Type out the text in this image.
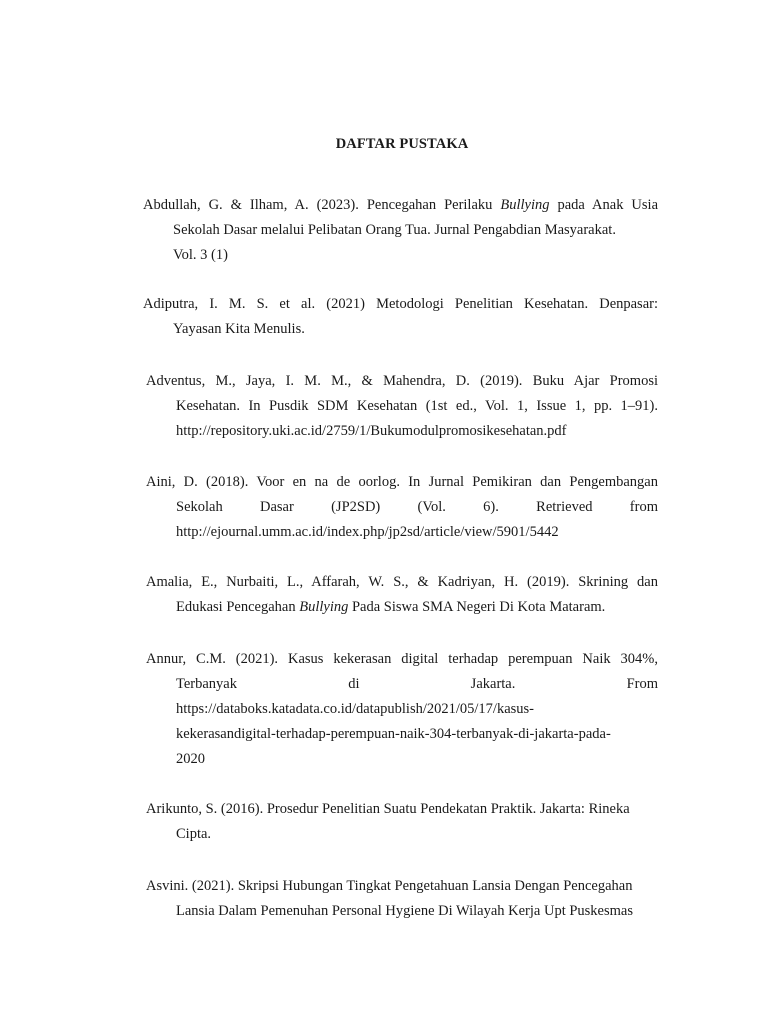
DAFTAR PUSTAKA
Abdullah, G. & Ilham, A. (2023). Pencegahan Perilaku Bullying pada Anak Usia
Sekolah Dasar melalui Pelibatan Orang Tua. Jurnal Pengabdian Masyarakat.
Vol. 3 (1)
Adiputra, I. M. S. et al. (2021) Metodologi Penelitian Kesehatan. Denpasar:
Yayasan Kita Menulis.
Adventus, M., Jaya, I. M. M., & Mahendra, D. (2019). Buku Ajar Promosi
Kesehatan. In Pusdik SDM Kesehatan (1st ed., Vol. 1, Issue 1, pp. 1–91).
http://repository.uki.ac.id/2759/1/Bukumodulpromosikesehatan.pdf
Aini, D. (2018). Voor en na de oorlog. In Jurnal Pemikiran dan Pengembangan
Sekolah Dasar (JP2SD) (Vol. 6). Retrieved from
http://ejournal.umm.ac.id/index.php/jp2sd/article/view/5901/5442
Amalia, E., Nurbaiti, L., Affarah, W. S., & Kadriyan, H. (2019). Skrining dan
Edukasi Pencegahan Bullying Pada Siswa SMA Negeri Di Kota Mataram.
Annur, C.M. (2021). Kasus kekerasan digital terhadap perempuan Naik 304%,
Terbanyak di Jakarta. From
https://databoks.katadata.co.id/datapublish/2021/05/17/kasus-
kekerasandigital-terhadap-perempuan-naik-304-terbanyak-di-jakarta-pada-
2020
Arikunto, S. (2016). Prosedur Penelitian Suatu Pendekatan Praktik. Jakarta: Rineka
Cipta.
Asvini. (2021). Skripsi Hubungan Tingkat Pengetahuan Lansia Dengan Pencegahan
Lansia Dalam Pemenuhan Personal Hygiene Di Wilayah Kerja Upt Puskesmas
